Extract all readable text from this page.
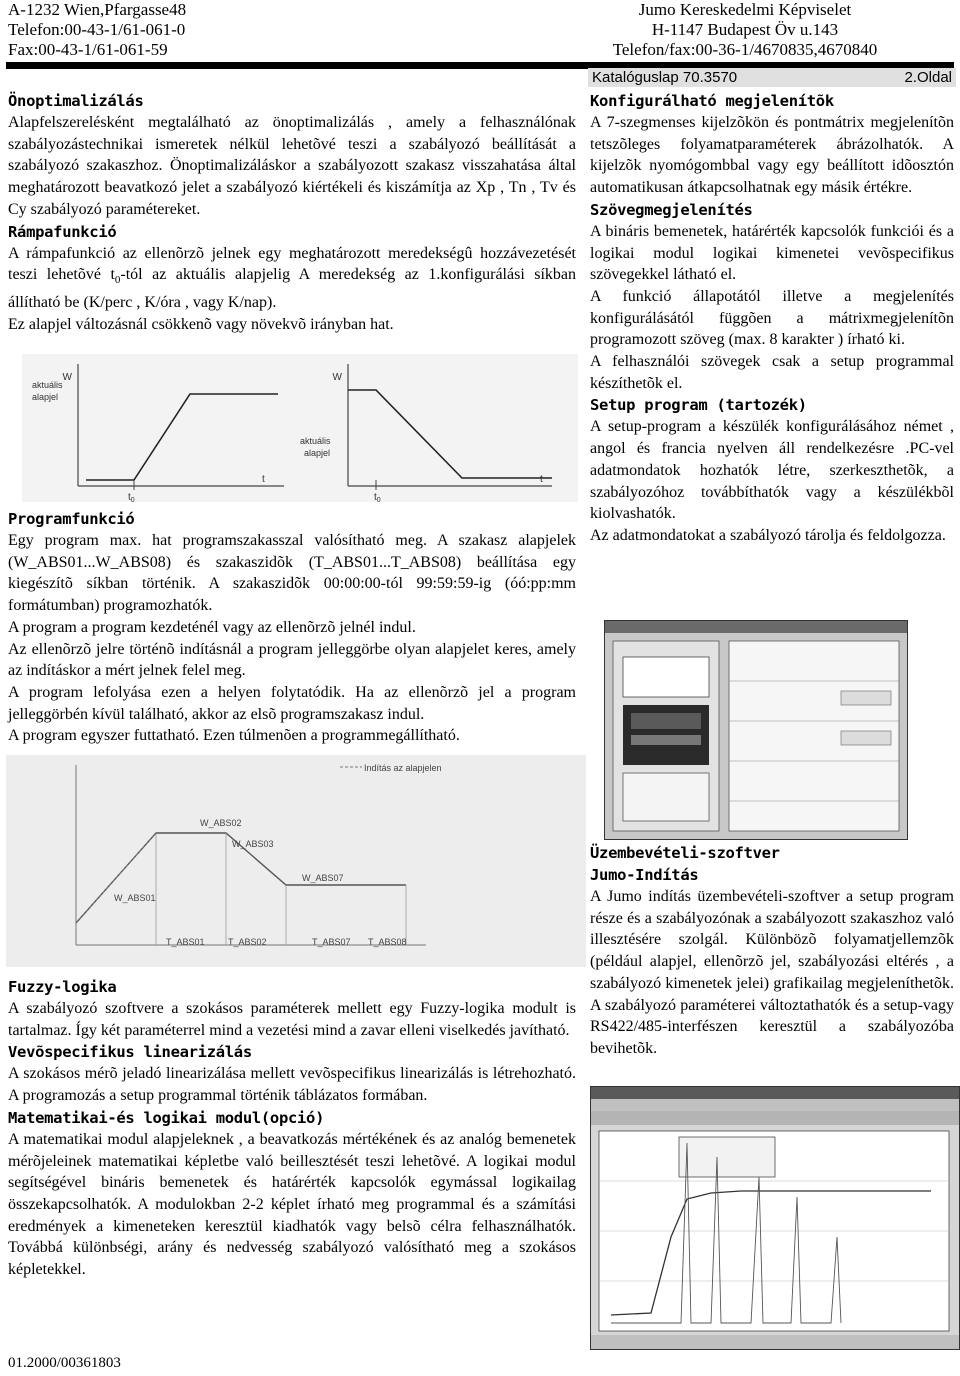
A-1232 Wien,Pfargasse48
Telefon:00-43-1/61-061-0
Fax:00-43-1/61-061-59
Jumo Kereskedelmi Képviselet
H-1147 Budapest Öv u.143
Telefon/fax:00-36-1/4670835,4670840
Katalóguslap 70.3570	2.Oldal

Önoptimalizálás

Alapfelszerelésként megtalálható az önoptimalizálás , amely a felhasználónak szabályozástechnikai ismeretek nélkül lehetõvé teszi a szabályozó beállítását a szabályozó szakaszhoz. Önoptimalizáláskor a szabályozott szakasz visszahatása által meghatározott beavatkozó jelet a szabályozó kiértékeli és kiszámítja az Xp , Tn , Tv és Cy szabályozó paramétereket.

Rámpafunkció

A rámpafunkció az ellenõrzõ jelnek egy meghatározott meredekségû hozzávezetését teszi lehetõvé $t_0$-tól az aktuális alapjelig A meredekség az 1.konfigurálási síkban állítható be (K/perc , K/óra , vagy K/nap).

Ez alapjel változásnál csökkenõ vagy növekvõ irányban hat.

W
aktuális
alapjel
$t_0$
t
W
aktuális
alapjel
$t_0$
t

Programfunkció

Egy program max. hat programszakasszal valósítható meg. A szakasz alapjelek (W_ABS01...W_ABS08) és szakaszidõk (T_ABS01...T_ABS08) beállítása egy kiegészítõ síkban történik. A szakaszidõk 00:00:00-tól 99:59:59-ig (óó:pp:mm formátumban) programozhatók.

A program a program kezdeténél vagy az ellenõrzõ jelnél indul.

Az ellenõrzõ jelre történõ indításnál a program jelleggörbe olyan alapjelet keres, amely az indításkor a mért jelnek felel meg.

A program lefolyása ezen a helyen folytatódik. Ha az ellenõrzõ jel a program jelleggörbén kívül található, akkor az elsõ programszakasz indul.

A program egyszer futtatható. Ezen túlmenõen a programmegállítható.

Indítás az alapjelen
W_ABS01
W_ABS02
W_ABS03
W_ABS07
T_ABS01	T_ABS02	T_ABS07 T_ABS08

Fuzzy-logika

A szabályozó szoftvere a szokásos paraméterek mellett egy Fuzzy-logika modult is tartalmaz. Így két paraméterrel mind a vezetési mind a zavar elleni viselkedés javítható.

Vevõspecifikus linearizálás

A szokásos mérõ jeladó linearizálása mellett vevõspecifikus linearizálás is létrehozható. A programozás a setup programmal történik táblázatos formában.

Matematikai-és logikai modul(opció)

A matematikai modul alapjeleknek , a beavatkozás mértékének és az analóg bemenetek mérõjeleinek matematikai képletbe való beillesztését teszi lehetõvé. A logikai modul segítségével bináris bemenetek és határérték kapcsolók egymással logikailag összekapcsolhatók. A modulokban 2-2 képlet írható meg programmal és a számítási eredmények a kimeneteken keresztül kiadhatók vagy belsõ célra felhasználhatók. Továbbá különbségi, arány és nedvesség szabályozó valósítható meg a szokásos képletekkel.

Konfigurálható megjelenítõk

A 7-szegmenses kijelzõkön és pontmátrix megjelenítõn tetszõleges folyamatparaméterek ábrázolhatók. A kijelzõk nyomógombbal vagy egy beállított idõosztón automatikusan átkapcsolhatnak egy másik értékre.

Szövegmegjelenítés

A bináris bemenetek, határérték kapcsolók funkciói és a logikai modul logikai kimenetei vevõspecifikus szövegekkel látható el.

A funkció állapotától illetve a megjelenítés konfigurálásától függõen a mátrixmegjelenítõn programozott szöveg (max. 8 karakter ) írható ki.

A felhasználói szövegek csak a setup programmal készíthetõk el.

Setup program (tartozék)

A setup-program a készülék konfigurálásához német , angol és francia nyelven áll rendelkezésre .PC-vel adatmondatok hozhatók létre, szerkeszthetõk, a szabályozóhoz továbbíthatók vagy a készülékbõl kiolvashatók.

Az adatmondatokat a szabályozó tárolja és feldolgozza.

Üzembevételi-szoftver

Jumo-Indítás

A Jumo indítás üzembevételi-szoftver a setup program része és a szabályozónak a szabályozott szakaszhoz való illesztésére szolgál. Különbözõ folyamatjellemzõk (például alapjel, ellenõrzõ jel, szabályozási eltérés , a szabályozó kimenetek jelei) grafikailag megjeleníthetõk. A szabályozó paraméterei változtathatók és a setup-vagy RS422/485-interfészen keresztül a szabályozóba bevihetõk.

01.2000/00361803
